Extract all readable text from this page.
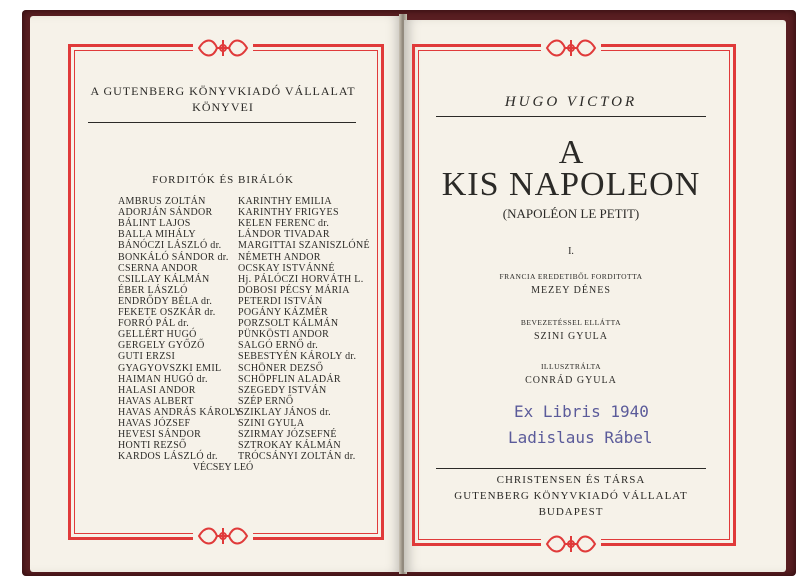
A GUTENBERG KÖNYVKIADÓ VÁLLALAT
KÖNYVEI
FORDITÓK ÉS BIRÁLÓK
AMBRUS ZOLTÁN
ADORJÁN SÁNDOR
BÁLINT LAJOS
BALLA MIHÁLY
BÁNÓCZI LÁSZLÓ dr.
BONKÁLÓ SÁNDOR dr.
CSERNA ANDOR
CSILLAY KÁLMÁN
ÉBER LÁSZLÓ
ENDRŐDY BÉLA dr.
FEKETE OSZKÁR dr.
FORRÓ PÁL dr.
GELLÉRT HUGÓ
GERGELY GYŐZŐ
GUTI ERZSI
GYAGYOVSZKI EMIL
HAIMAN HUGÓ dr.
HALASI ANDOR
HAVAS ALBERT
HAVAS ANDRÁS KÁROLY
HAVAS JÓZSEF
HEVESI SÁNDOR
HONTI REZSŐ
KARDOS LÁSZLÓ dr.
KARINTHY EMILIA
KARINTHY FRIGYES
KELEN FERENC dr.
LÁNDOR TIVADAR
MARGITTAI SZANISZLÓNÉ
NÉMETH ANDOR
OCSKAY ISTVÁNNÉ
Hj. PÁLÓCZI HORVÁTH L.
DOBOSI PÉCSY MÁRIA
PETERDI ISTVÁN
POGÁNY KÁZMÉR
PORZSOLT KÁLMÁN
PÜNKÖSTI ANDOR
SALGÓ ERNŐ dr.
SEBESTYÉN KÁROLY dr.
SCHÖNER DEZSŐ
SCHÖPFLIN ALADÁR
SZEGEDY ISTVÁN
SZÉP ERNŐ
SZIKLAY JÁNOS dr.
SZINI GYULA
SZIRMAY JÓZSEFNÉ
SZTROKAY KÁLMÁN
TRÓCSÁNYI ZOLTÁN dr.
VÉCSEY LEÓ
HUGO VICTOR
A
KIS NAPOLEON
(NAPOLÉON LE PETIT)
I.
FRANCIA EREDETIBŐL FORDITOTTA
MEZEY DÉNES
BEVEZETÉSSEL ELLÁTTA
SZINI GYULA
ILLUSZTRÁLTA
CONRÁD GYULA
Ex Libris 1940
Ladislaus Rábel
CHRISTENSEN ÉS TÁRSA
GUTENBERG KÖNYVKIADÓ VÁLLALAT
BUDAPEST
